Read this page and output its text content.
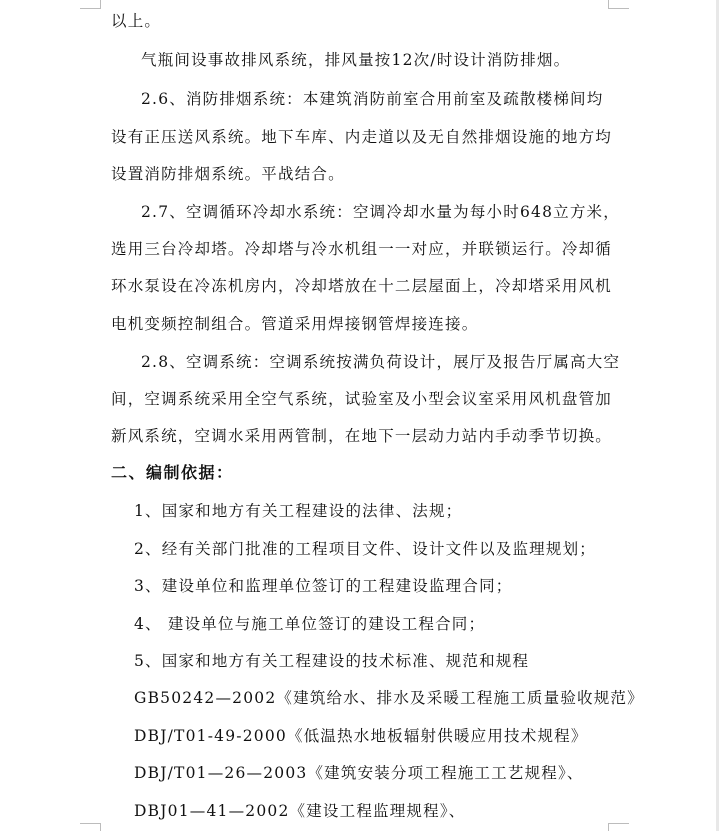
以上。
气瓶间设事故排风系统，排风量按12次/时设计消防排烟。
2.6、消防排烟系统：本建筑消防前室合用前室及疏散楼梯间均
设有正压送风系统。地下车库、内走道以及无自然排烟设施的地方均
设置消防排烟系统。平战结合。
2.7、空调循环冷却水系统：空调冷却水量为每小时648立方米，
选用三台冷却塔。冷却塔与冷水机组一一对应，并联锁运行。冷却循
环水泵设在冷冻机房内，冷却塔放在十二层屋面上，冷却塔采用风机
电机变频控制组合。管道采用焊接钢管焊接连接。
2.8、空调系统：空调系统按满负荷设计，展厅及报告厅属高大空
间，空调系统采用全空气系统，试验室及小型会议室采用风机盘管加
新风系统，空调水采用两管制，在地下一层动力站内手动季节切换。
二、编制依据：
1、国家和地方有关工程建设的法律、法规；
2、经有关部门批准的工程项目文件、设计文件以及监理规划；
3、建设单位和监理单位签订的工程建设监理合同；
4、 建设单位与施工单位签订的建设工程合同；
5、国家和地方有关工程建设的技术标准、规范和规程
GB50242—2002《建筑给水、排水及采暖工程施工质量验收规范》
DBJ/T01-49-2000《低温热水地板辐射供暖应用技术规程》
DBJ/T01—26—2003《建筑安装分项工程施工工艺规程》、
DBJ01—41—2002《建设工程监理规程》、
